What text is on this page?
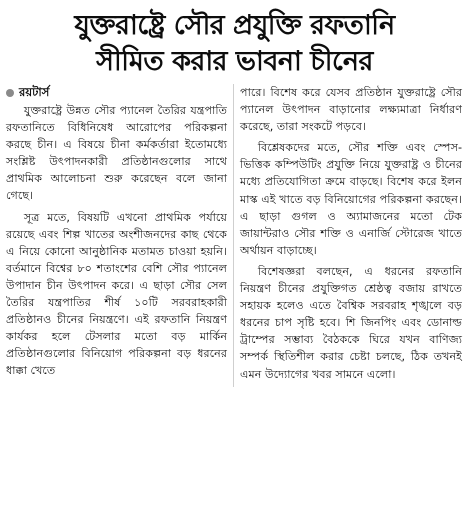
যুক্তরাষ্ট্রে সৌর প্রযুক্তি রফতানি
সীমিত করার ভাবনা চীনের
রয়টার্স

যুক্তরাষ্ট্রে উন্নত সৌর প্যানেল তৈরির যন্ত্রপাতি রফতানিতে বিধিনিষেধ আরোপের পরিকল্পনা করছে চীন। এ বিষয়ে চীনা কর্মকর্তারা ইতোমধ্যে সংশ্লিষ্ট উৎপাদনকারী প্রতিষ্ঠানগুলোর সাথে প্রাথমিক আলোচনা শুরু করেছেন বলে জানা গেছে।

সূত্র মতে, বিষয়টি এখনো প্রাথমিক পর্যায়ে রয়েছে এবং শিল্প খাতের অংশীজনদের কাছ থেকে এ নিয়ে কোনো আনুষ্ঠানিক মতামত চাওয়া হয়নি। বর্তমানে বিশ্বের ৮০ শতাংশের বেশি সৌর প্যানেল উপাদান চীন উৎপাদন করে। এ ছাড়া সৌর সেল তৈরির যন্ত্রপাতির শীর্ষ ১০টি সরবরাহকারী প্রতিষ্ঠানও চীনের নিয়ন্ত্রণে। এই রফতানি নিয়ন্ত্রণ কার্যকর হলে টেসলার মতো বড় মার্কিন প্রতিষ্ঠানগুলোর বিনিয়োগ পরিকল্পনা বড় ধরনের ধাক্কা খেতে

পারে। বিশেষ করে যেসব প্রতিষ্ঠান যুক্তরাষ্ট্রে সৌর প্যানেল উৎপাদন বাড়ানোর লক্ষ্যমাত্রা নির্ধারণ করেছে, তারা সংকটে পড়বে।

বিশ্লেষকদের মতে, সৌর শক্তি এবং স্পেস-ভিত্তিক কম্পিউটিং প্রযুক্তি নিয়ে যুক্তরাষ্ট্র ও চীনের মধ্যে প্রতিযোগিতা ক্রমে বাড়ছে। বিশেষ করে ইলন মাস্ক এই খাতে বড় বিনিয়োগের পরিকল্পনা করছেন। এ ছাড়া গুগল ও অ্যামাজনের মতো টেক জায়ান্টরাও সৌর শক্তি ও এনার্জি স্টোরেজ খাতে অর্থায়ন বাড়াচ্ছে।

বিশেষজ্ঞরা বলছেন, এ ধরনের রফতানি নিয়ন্ত্রণ চীনের প্রযুক্তিগত শ্রেষ্ঠত্ব বজায় রাখতে সহায়ক হলেও এতে বৈশ্বিক সরবরাহ শৃঙ্খলে বড় ধরনের চাপ সৃষ্টি হবে। শি জিনপিং এবং ডোনাল্ড ট্রাম্পের সম্ভাব্য বৈঠককে ঘিরে যখন বাণিজ্য সম্পর্ক স্থিতিশীল করার চেষ্টা চলছে, ঠিক তখনই এমন উদ্যোগের খবর সামনে এলো।
